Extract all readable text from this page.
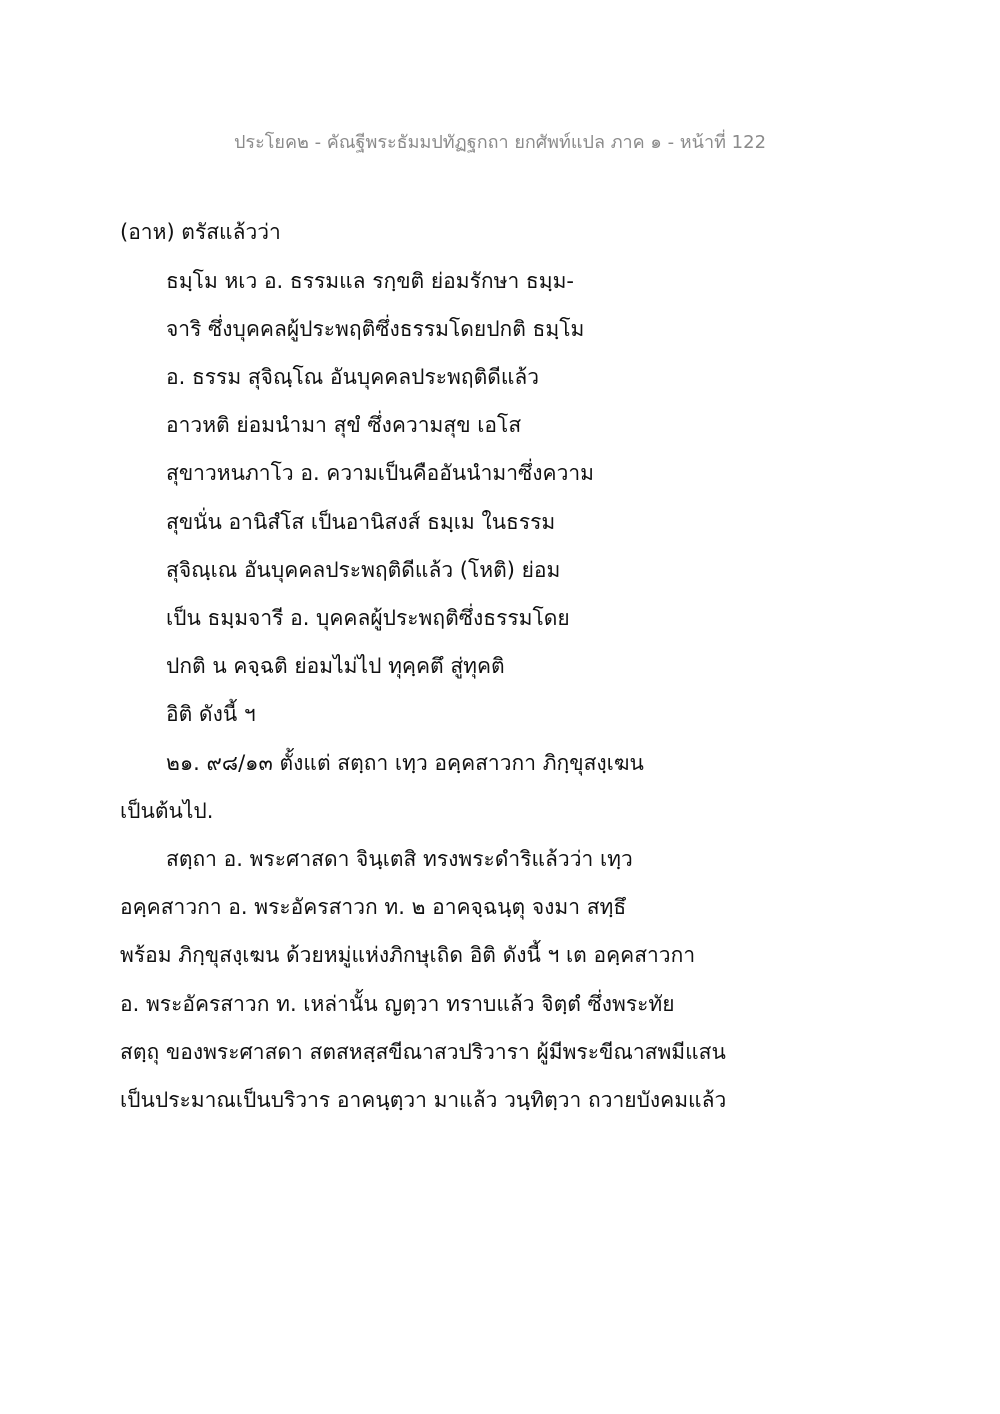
ประโยค๒ - คัณฐีพระธัมมปทัฏฐกถา ยกศัพท์แปล ภาค ๑ - หน้าที่ 122
(อาห) ตรัสแล้วว่า
ธมฺโม หเว อ. ธรรมแล รกฺขติ ย่อมรักษา ธมฺม-
จาริ ซึ่งบุคคลผู้ประพฤติซึ่งธรรมโดยปกติ ธมฺโม
อ. ธรรม สุจิณฺโณ อันบุคคลประพฤติดีแล้ว
อาวหติ ย่อมนำมา สุขํ ซึ่งความสุข เอโส
สุขาวหนภาโว อ. ความเป็นคืออันนำมาซึ่งความ
สุขนั่น อานิสํโส เป็นอานิสงส์ ธมฺเม ในธรรม
สุจิณฺเณ อันบุคคลประพฤติดีแล้ว (โหติ) ย่อม
เป็น ธมฺมจารี อ. บุคคลผู้ประพฤติซึ่งธรรมโดย
ปกติ น คจฺฉติ ย่อมไม่ไป ทุคฺคตึ สู่ทุคติ
อิติ ดังนี้ ฯ
๒๑. ๙๘/๑๓ ตั้งแต่ สตฺถา เทฺว อคฺคสาวกา ภิกฺขุสงฺเฆน
เป็นต้นไป.
สตฺถา อ. พระศาสดา จินฺเตสิ ทรงพระดำริแล้วว่า เทฺว
อคฺคสาวกา อ. พระอัครสาวก ท. ๒ อาคจฺฉนฺตุ จงมา สทฺธึ
พร้อม ภิกฺขุสงฺเฆน ด้วยหมู่แห่งภิกษุเถิด อิติ ดังนี้ ฯ เต อคฺคสาวกา
อ. พระอัครสาวก ท. เหล่านั้น ญตฺวา ทราบแล้ว จิตฺตํ ซึ่งพระทัย
สตฺถุ ของพระศาสดา สตสหสฺสขีณาสวปริวารา ผู้มีพระขีณาสพมีแสน
เป็นประมาณเป็นบริวาร อาคนฺตฺวา มาแล้ว วนฺทิตฺวา ถวายบังคมแล้ว
